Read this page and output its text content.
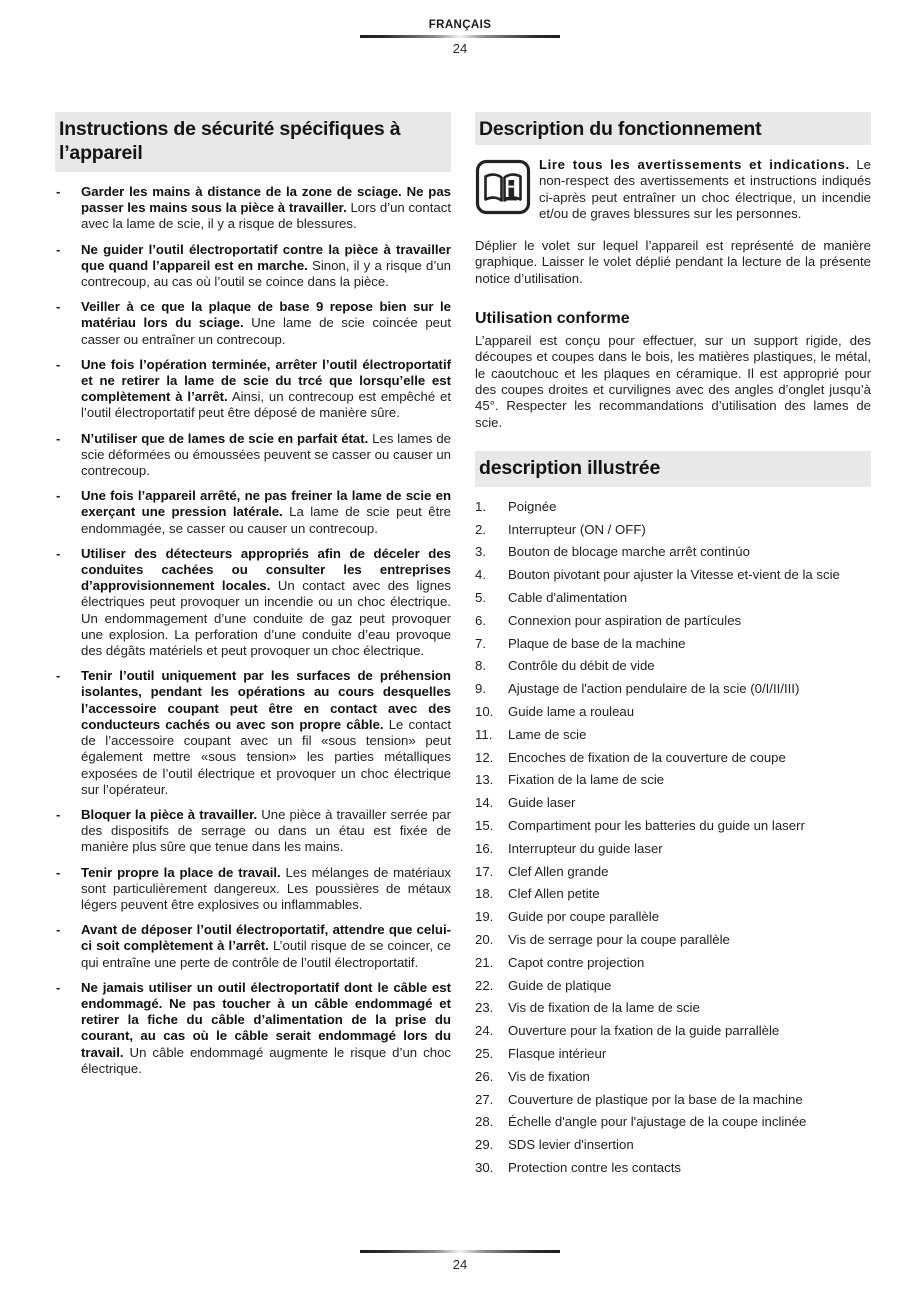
FRANÇAIS
24
Instructions de sécurité spécifiques à l’appareil
- Garder les mains à distance de la zone de sciage. Ne pas passer les mains sous la pièce à travailler. Lors d’un contact avec la lame de scie, il y a risque de blessures.
- Ne guider l’outil électroportatif contre la pièce à travailler que quand l’appareil est en marche. Sinon, il y a risque d’un contrecoup, au cas où l’outil se coince dans la pièce.
- Veiller à ce que la plaque de base 9 repose bien sur le matériau lors du sciage. Une lame de scie coincée peut casser ou entraîner un contrecoup.
- Une fois l’opération terminée, arrêter l’outil électroportatif et ne retirer la lame de scie du trcé que lorsqu’elle est complètement à l’arrêt. Ainsi, un contrecoup est empêché et l’outil électroportatif peut être déposé de manière sûre.
- N’utiliser que de lames de scie en parfait état. Les lames de scie déformées ou émoussées peuvent se casser ou causer un contrecoup.
- Une fois l’appareil arrêté, ne pas freiner la lame de scie en exerçant une pression latérale. La lame de scie peut être endommagée, se casser ou causer un contrecoup.
- Utiliser des détecteurs appropriés afin de déceler des conduites cachées ou consulter les entreprises d’approvisionnement locales. Un contact avec des lignes électriques peut provoquer un incendie ou un choc électrique. Un endommagement d’une conduite de gaz peut provoquer une explosion. La perforation d’une conduite d’eau provoque des dégâts matériels et peut provoquer un choc électrique.
- Tenir l’outil uniquement par les surfaces de préhension isolantes, pendant les opérations au cours desquelles l’accessoire coupant peut être en contact avec des conducteurs cachés ou avec son propre câble. Le contact de l’accessoire coupant avec un fil «sous tension» peut également mettre «sous tension» les parties métalliques exposées de l’outil électrique et provoquer un choc électrique sur l’opérateur.
- Bloquer la pièce à travailler. Une pièce à travailler serrée par des dispositifs de serrage ou dans un étau est fixée de manière plus sûre que tenue dans les mains.
- Tenir propre la place de travail. Les mélanges de matériaux sont particulièrement dangereux. Les poussières de métaux légers peuvent être explosives ou inflammables.
- Avant de déposer l’outil électroportatif, attendre que celui-ci soit complètement à l’arrêt. L’outil risque de se coincer, ce qui entraîne une perte de contrôle de l’outil électroportatif.
- Ne jamais utiliser un outil électroportatif dont le câble est endommagé. Ne pas toucher à un câble endommagé et retirer la fiche du câble d’alimentation de la prise du courant, au cas où le câble serait endommagé lors du travail. Un câble endommagé augmente le risque d’un choc électrique.
Description du fonctionnement
Lire tous les avertissements et indications. Le non-respect des avertissements et instructions indiqués ci-après peut entraîner un choc électrique, un incendie et/ou de graves blessures sur les personnes.

Déplier le volet sur lequel l’appareil est représenté de manière graphique. Laisser le volet déplié pendant la lecture de la présente notice d’utilisation.

Utilisation conforme

L’appareil est conçu pour effectuer, sur un support rigide, des découpes et coupes dans le bois, les matières plastiques, le métal, le caoutchouc et les plaques en céramique. Il est approprié pour des coupes droites et curvilignes avec des angles d’onglet jusqu’à 45°. Respecter les recommandations d’utilisation des lames de scie.

description illustrée
1.	Poignée
2.	Interrupteur (ON / OFF)
3.	Bouton de blocage marche arrêt continúo
4.	Bouton pivotant pour ajuster la Vitesse et-vient de la scie
5.	Cable d'alimentation
6.	Connexion pour aspiration de partícules
7.	Plaque de base de la machine
8.	Contrôle du débit de vide
9.	Ajustage de l'action pendulaire de la scie (0/I/II/III)
10.	Guide lame a rouleau
11.	Lame de scie
12.	Encoches de fixation de la couverture de coupe
13.	Fixation de la lame de scie
14.	Guide laser
15.	Compartiment pour les batteries du guide un laserr
16.	Interrupteur du guide laser
17.	Clef Allen grande
18.	Clef Allen petite
19.	Guide por coupe parallèle
20.	Vis de serrage pour la coupe parallèle
21.	Capot contre projection
22.	Guide de platique
23.	Vis de fixation de la lame de scie
24.	Ouverture pour la fxation de la guide parrallèle
25.	Flasque intérieur
26.	Vis de fixation
27.	Couverture de plastique por la base de la machine
28.	Échelle d'angle pour l'ajustage de la coupe inclinée
29.	SDS levier d'insertion
30.	Protection contre les contacts
24
